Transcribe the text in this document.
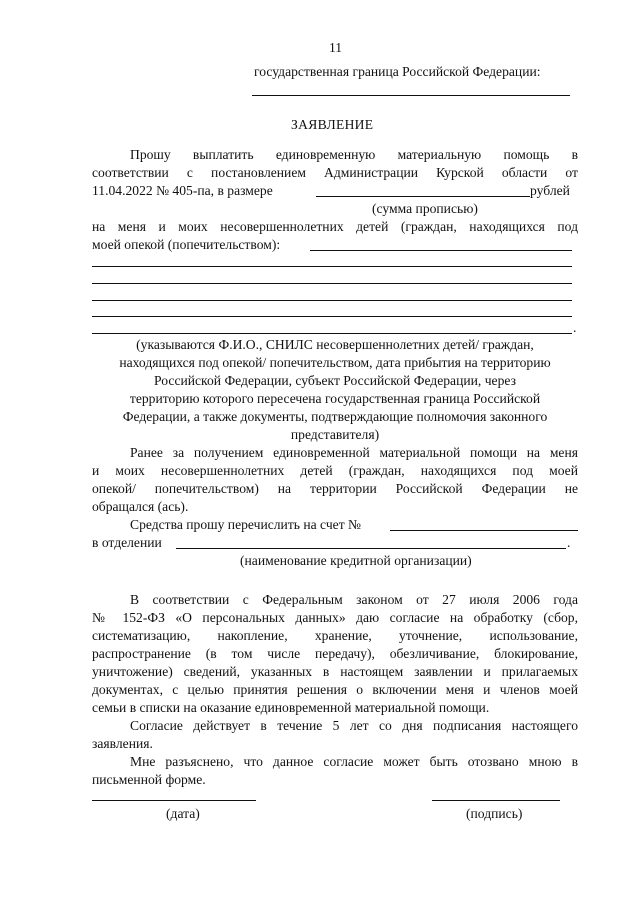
11
государственная граница Российской Федерации:
ЗАЯВЛЕНИЕ
Прошу выплатить единовременную материальную помощь в
соответствии с постановлением Администрации Курской области от
11.04.2022 № 405-па, в размере	рублей
(сумма прописью)
на меня и моих несовершеннолетних детей (граждан, находящихся под
моей опекой (попечительством):
.
(указываются Ф.И.О., СНИЛС несовершеннолетних детей/ граждан,
находящихся под опекой/ попечительством, дата прибытия на территорию
Российской Федерации, субъект Российской Федерации, через
территорию которого пересечена государственная граница Российской
Федерации, а также документы, подтверждающие полномочия законного
представителя)
Ранее за получением единовременной материальной помощи на меня
и моих несовершеннолетних детей (граждан, находящихся под моей
опекой/ попечительством) на территории Российской Федерации не
обращался (ась).
Средства прошу перечислить на счет №
в отделении	.
(наименование кредитной организации)
В соответствии с Федеральным законом от 27 июля 2006 года
№ 152-ФЗ «О персональных данных» даю согласие на обработку (сбор,
систематизацию, накопление, хранение, уточнение, использование,
распространение (в том числе передачу), обезличивание, блокирование,
уничтожение) сведений, указанных в настоящем заявлении и прилагаемых
документах, с целью принятия решения о включении меня и членов моей
семьи в списки на оказание единовременной материальной помощи.
Согласие действует в течение 5 лет со дня подписания настоящего
заявления.
Мне разъяснено, что данное согласие может быть отозвано мною в
письменной форме.
(дата)	(подпись)
